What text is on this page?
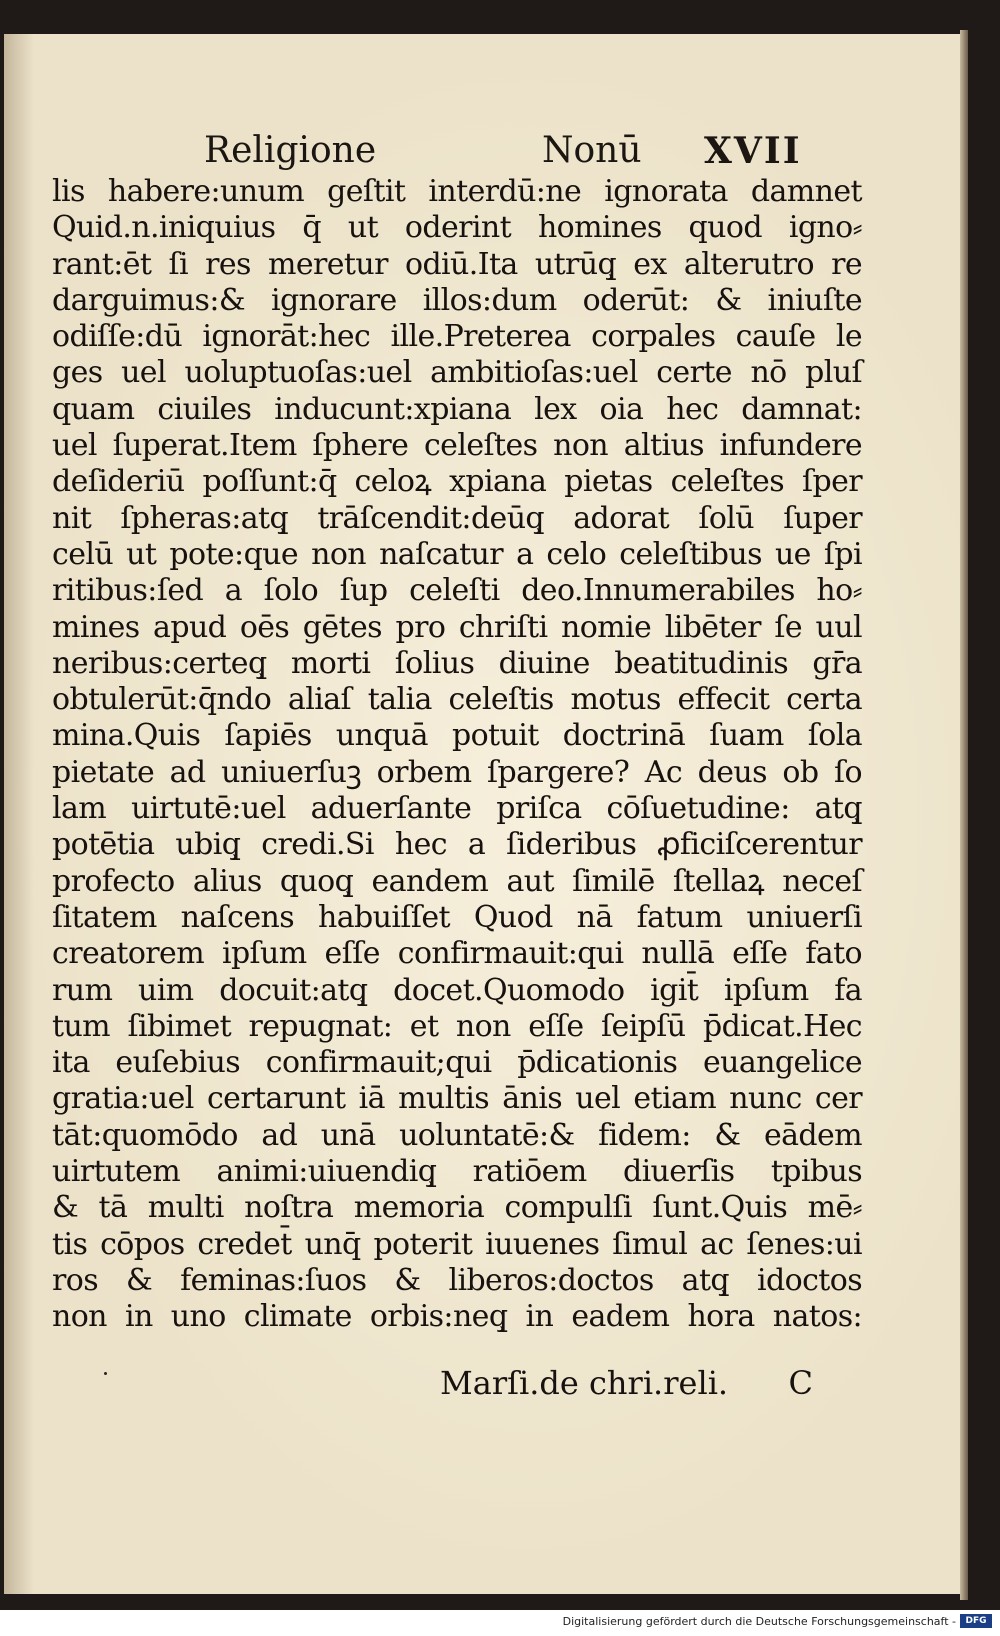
Religione	Nonū XVII
lis habere:unum geſtit interdū:ne ignorata damnet
Quid.n.iniquius q̄ ut oderint homines quod igno⸗
rant:ēt ſi res meretur odiū.Ita utrūq̧ ex alterutro re
darguimus:& ignorare illos:dum oderūt: & iniuſte
odiſſe:dū ignorāt:hec ille.Preterea corpales cauſe le
ges uel uoluptuoſas:uel ambitioſas:uel certe nō pluſ
quam ciuiles inducunt:xpiana lex oia hec damnat:
uel ſuperat.Item ſphere celeſtes non altius infundere
deſideriū poſſunt:q̄ celoꝝ xpiana pietas celeſtes ſper
nit ſpheras:atq̧ trāſcendit:deūq̧ adorat ſolū ſuper
celū ut pote:que non naſcatur a celo celeſtibus ue ſpi
ritibus:ſed a ſolo ſup celeſti deo.Innumerabiles ho⸗
mines apud oēs gētes pro chriſti nomie libēter ſe uul
neribus:certeq̧ morti ſolius diuine beatitudinis gr̄a
obtulerūt:q̄ndo aliaſ talia celeſtis motus effecit certa
mina.Quis ſapiēs unquā potuit doctrinā ſuam ſola
pietate ad uniuerſuꝫ orbem ſpargere? Ac deus ob ſo
lam uirtutē:uel aduerſante priſca cōſuetudine: atq̧
potētia ubiq̧ credi.Si hec a ſideribus ꝓficiſcerentur
profecto alius quoq̧ eandem aut ſimilē ſtellaꝝ neceſ
ſitatem naſcens habuiſſet Quod nā fatum uniuerſi
creatorem ipſum eſſe confirmauit:qui nullā eſſe fato
rum uim docuit:atq̧ docet.Quomodo igit̄ ipſum fa
tum ſibimet repugnat: et non eſſe ſeipſū p̄dicat.Hec
ita euſebius confirmauit;qui p̄dicationis euangelice
gratia:uel certarunt iā multis ānis uel etiam nunc cer
tāt:quomōdo ad unā uoluntatē:& fidem: & eādem
uirtutem animi:uiuendiq̧ ratiōem diuerſis tpibus
& tā multi noſtra memoria compulſi ſunt.Quis mē⸗
tis cōpos credet̄ unq̄ poterit iuuenes ſimul ac ſenes:ui
ros & feminas:ſuos & liberos:doctos atq̧ idoctos
non in uno climate orbis:neq̧ in eadem hora natos:
Marſi.de chri.reli. C
Digitalisierung gefördert durch die Deutsche Forschungsgemeinschaft -	DFG
